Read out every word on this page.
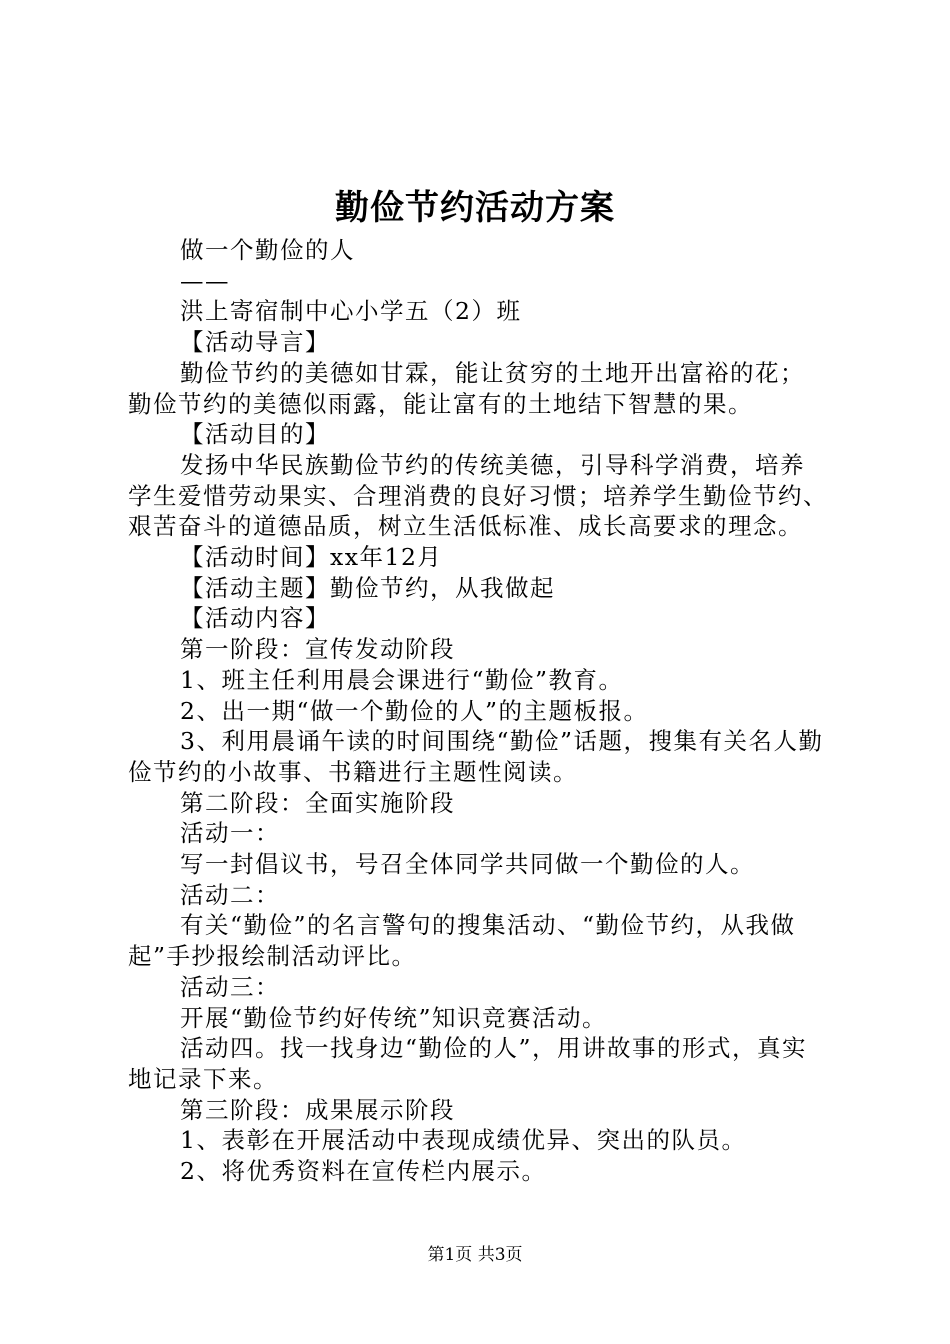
勤俭节约活动方案

做一个勤俭的人

——

洪上寄宿制中心小学五（2）班

【活动导言】

勤俭节约的美德如甘霖，能让贫穷的土地开出富裕的花；勤俭节约的美德似雨露，能让富有的土地结下智慧的果。

【活动目的】

发扬中华民族勤俭节约的传统美德，引导科学消费，培养学生爱惜劳动果实、合理消费的良好习惯；培养学生勤俭节约、艰苦奋斗的道德品质，树立生活低标准、成长高要求的理念。

【活动时间】xx年12月

【活动主题】勤俭节约，从我做起

【活动内容】

第一阶段：宣传发动阶段

1、班主任利用晨会课进行“勤俭”教育。

2、出一期“做一个勤俭的人”的主题板报。

3、利用晨诵午读的时间围绕“勤俭”话题，搜集有关名人勤俭节约的小故事、书籍进行主题性阅读。

第二阶段：全面实施阶段

活动一：

写一封倡议书，号召全体同学共同做一个勤俭的人。

活动二：

有关“勤俭”的名言警句的搜集活动、“勤俭节约，从我做起”手抄报绘制活动评比。

活动三：

开展“勤俭节约好传统”知识竞赛活动。

活动四。找一找身边“勤俭的人”，用讲故事的形式，真实地记录下来。

第三阶段：成果展示阶段

1、表彰在开展活动中表现成绩优异、突出的队员。

2、将优秀资料在宣传栏内展示。

第1页 共3页
